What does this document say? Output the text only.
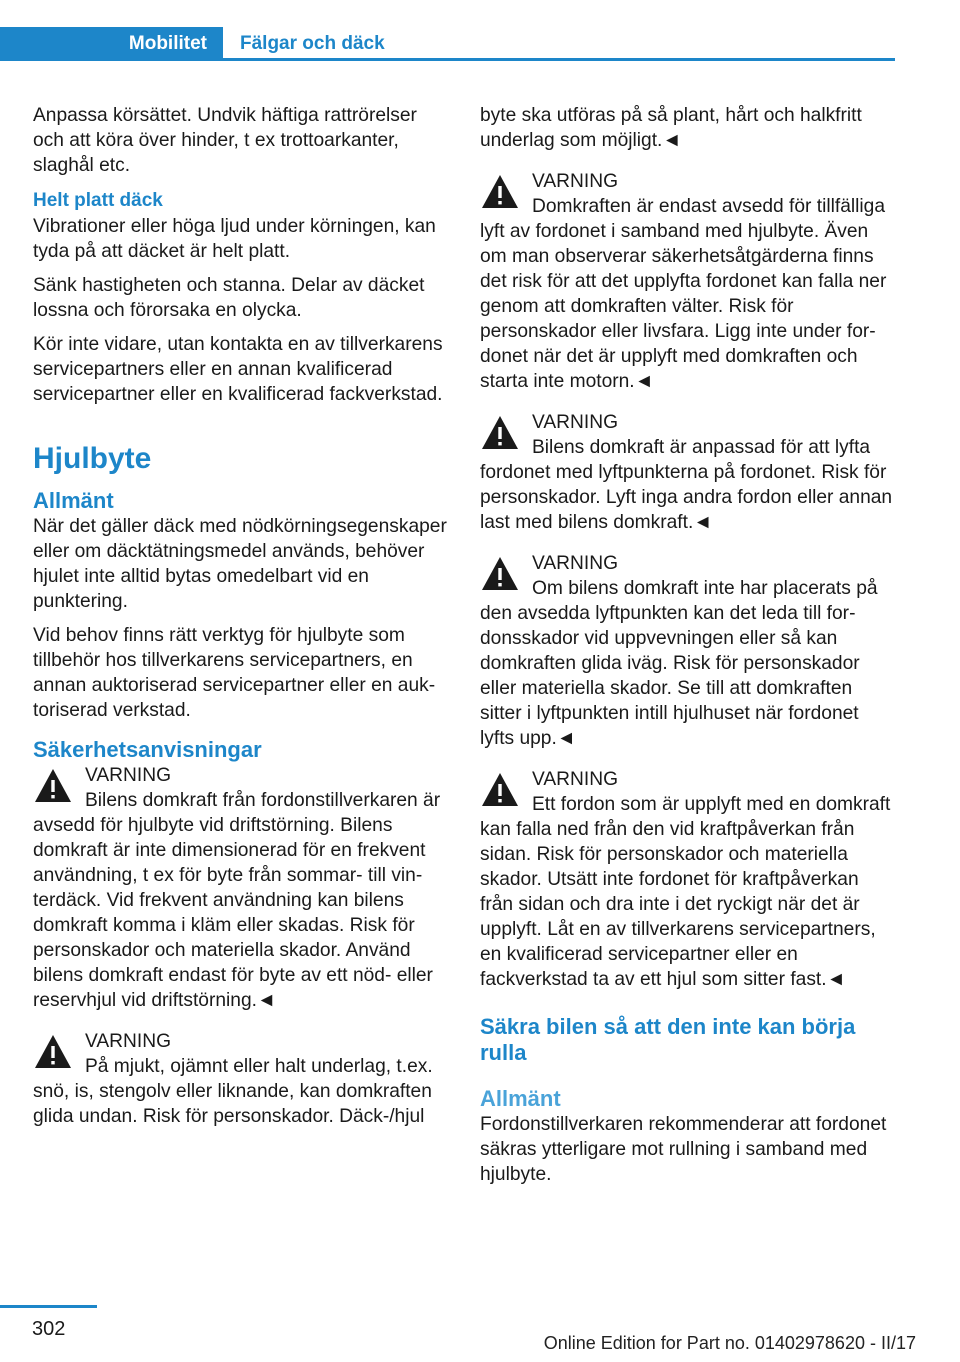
Mobilitet	Fälgar och däck

Anpassa körsättet. Undvik häftiga rattrörelser och att köra över hinder, t ex trottoarkanter, slaghål etc.

Helt platt däck

Vibrationer eller höga ljud under körningen, kan tyda på att däcket är helt platt.

Sänk hastigheten och stanna. Delar av däcket lossna och förorsaka en olycka.

Kör inte vidare, utan kontakta en av tillverkarens servicepartners eller en annan kvalificerad servicepartner eller en kvalificerad fackverkstad.

Hjulbyte
Allmänt

När det gäller däck med nödkörningsegenskaper eller om däcktätningsmedel används, behöver hjulet inte alltid bytas omedelbart vid en punktering.

Vid behov finns rätt verktyg för hjulbyte som tillbehör hos tillverkarens servicepartners, en annan auktoriserad servicepartner eller en auktoriserad verkstad.

Säkerhetsanvisningar
VARNING
Bilens domkraft från fordonstillverkaren är avsedd för hjulbyte vid driftstörning. Bilens domkraft är inte dimensionerad för en frekvent användning, t ex för byte från sommar- till vinterdäck. Vid frekvent användning kan bilens domkraft komma i kläm eller skadas. Risk för personskador och materiella skador. Använd bilens domkraft endast för byte av ett nöd- eller reservhjul vid driftstörning.◄
VARNING
På mjukt, ojämnt eller halt underlag, t.ex. snö, is, stengolv eller liknande, kan domkraften glida undan. Risk för personskador. Däck-/hjul

byte ska utföras på så plant, hårt och halkfritt underlag som möjligt.◄

VARNING
Domkraften är endast avsedd för tillfälliga lyft av fordonet i samband med hjulbyte. Även om man observerar säkerhetsåtgärderna finns det risk för att det upplyfta fordonet kan falla ner genom att domkraften välter. Risk för personskador eller livsfara. Ligg inte under fordonet när det är upplyft med domkraften och starta inte motorn.◄
VARNING
Bilens domkraft är anpassad för att lyfta fordonet med lyftpunkterna på fordonet. Risk för personskador. Lyft inga andra fordon eller annan last med bilens domkraft.◄
VARNING
Om bilens domkraft inte har placerats på den avsedda lyftpunkten kan det leda till fordonsskador vid uppvevningen eller så kan domkraften glida iväg. Risk för personskador eller materiella skador. Se till att domkraften sitter i lyftpunkten intill hjulhuset när fordonet lyfts upp.◄
VARNING
Ett fordon som är upplyft med en domkraft kan falla ned från den vid kraftpåverkan från sidan. Risk för personskador och materiella skador. Utsätt inte fordonet för kraftpåverkan från sidan och dra inte i det ryckigt när det är upplyft. Låt en av tillverkarens servicepartners, en kvalificerad servicepartner eller en fackverkstad ta av ett hjul som sitter fast.◄
Säkra bilen så att den inte kan börja rulla
Allmänt

Fordonstillverkaren rekommenderar att fordonet säkras ytterligare mot rullning i samband med hjulbyte.

302
Online Edition for Part no. 01402978620 - II/17
